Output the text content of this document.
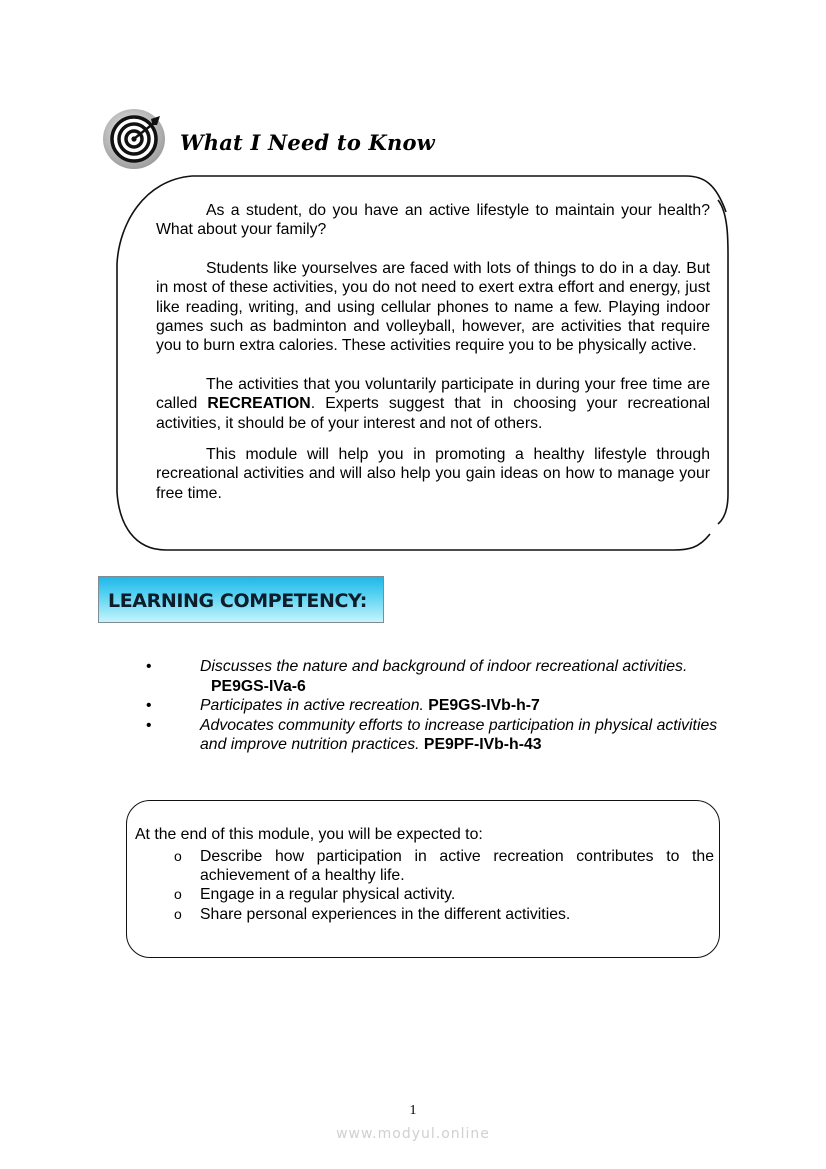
What I Need to Know

As a student, do you have an active lifestyle to maintain your health? What about your family?

Students like yourselves are faced with lots of things to do in a day. But in most of these activities, you do not need to exert extra effort and energy, just like reading, writing, and using cellular phones to name a few. Playing indoor games such as badminton and volleyball, however, are activities that require you to burn extra calories. These activities require you to be physically active.

The activities that you voluntarily participate in during your free time are called RECREATION. Experts suggest that in choosing your recreational activities, it should be of your interest and not of others.

This module will help you in promoting a healthy lifestyle through recreational activities and will also help you gain ideas on how to manage your free time.

LEARNING COMPETENCY:
•	Discusses the nature and background of indoor recreational activities.
PE9GS-IVa-6
•	Participates in active recreation. PE9GS-IVb-h-7
•	Advocates community efforts to increase participation in physical activities and improve nutrition practices. PE9PF-IVb-h-43
At the end of this module, you will be expected to:
o Describe how participation in active recreation contributes to the achievement of a healthy life.
o Engage in a regular physical activity.
o Share personal experiences in the different activities.
1
www.modyul.online
